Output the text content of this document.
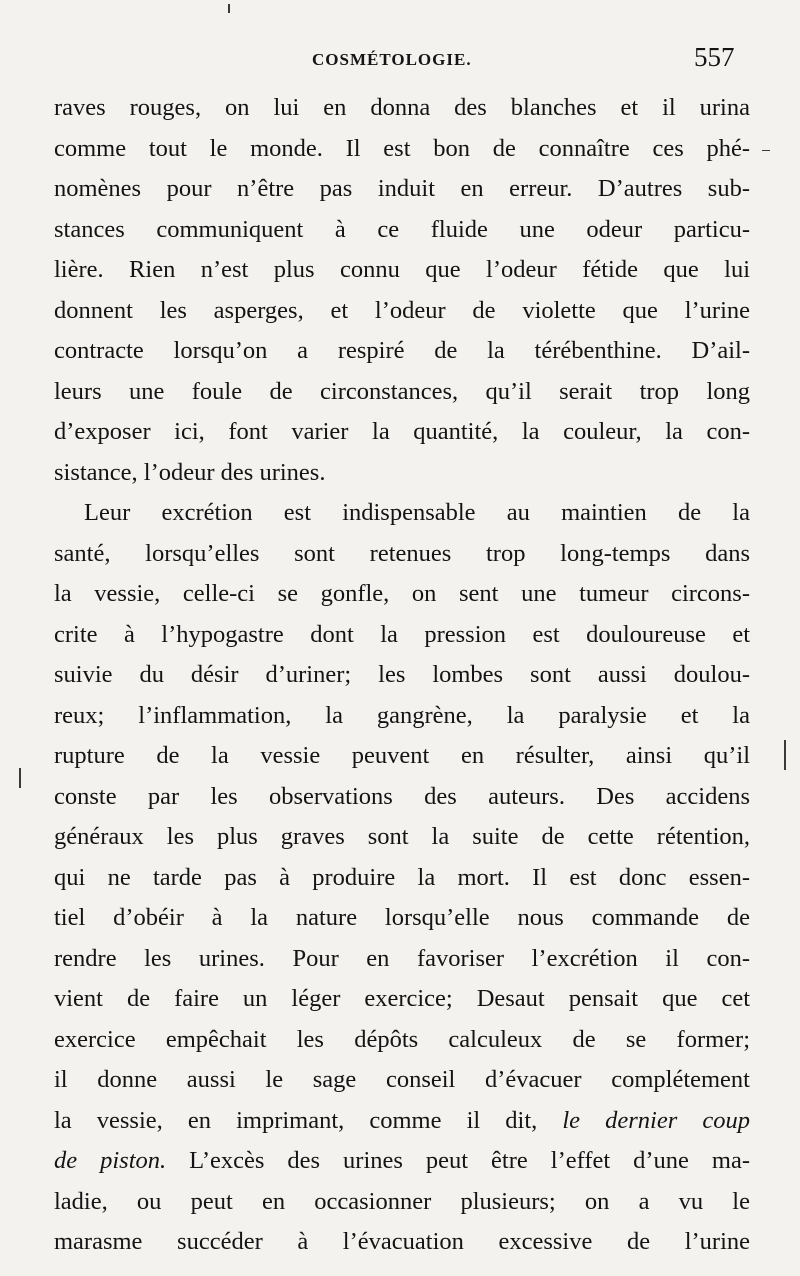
COSMÉTOLOGIE.	557
raves rouges, on lui en donna des blanches et il urina
comme tout le monde. Il est bon de connaître ces phé-
nomènes pour n’être pas induit en erreur. D’autres sub-
stances communiquent à ce fluide une odeur particu-
lière. Rien n’est plus connu que l’odeur fétide que lui
donnent les asperges, et l’odeur de violette que l’urine
contracte lorsqu’on a respiré de la térébenthine. D’ail-
leurs une foule de circonstances, qu’il serait trop long
d’exposer ici, font varier la quantité, la couleur, la con-
sistance, l’odeur des urines.
Leur excrétion est indispensable au maintien de la
santé, lorsqu’elles sont retenues trop long-temps dans
la vessie, celle-ci se gonfle, on sent une tumeur circons-
crite à l’hypogastre dont la pression est douloureuse et
suivie du désir d’uriner; les lombes sont aussi doulou-
reux; l’inflammation, la gangrène, la paralysie et la
rupture de la vessie peuvent en résulter, ainsi qu’il
conste par les observations des auteurs. Des accidens
généraux les plus graves sont la suite de cette rétention,
qui ne tarde pas à produire la mort. Il est donc essen-
tiel d’obéir à la nature lorsqu’elle nous commande de
rendre les urines. Pour en favoriser l’excrétion il con-
vient de faire un léger exercice; Desaut pensait que cet
exercice empêchait les dépôts calculeux de se former;
il donne aussi le sage conseil d’évacuer complétement
la vessie, en imprimant, comme il dit, le dernier coup
de piston. L’excès des urines peut être l’effet d’une ma-
ladie, ou peut en occasionner plusieurs; on a vu le
marasme succéder à l’évacuation excessive de l’urine
